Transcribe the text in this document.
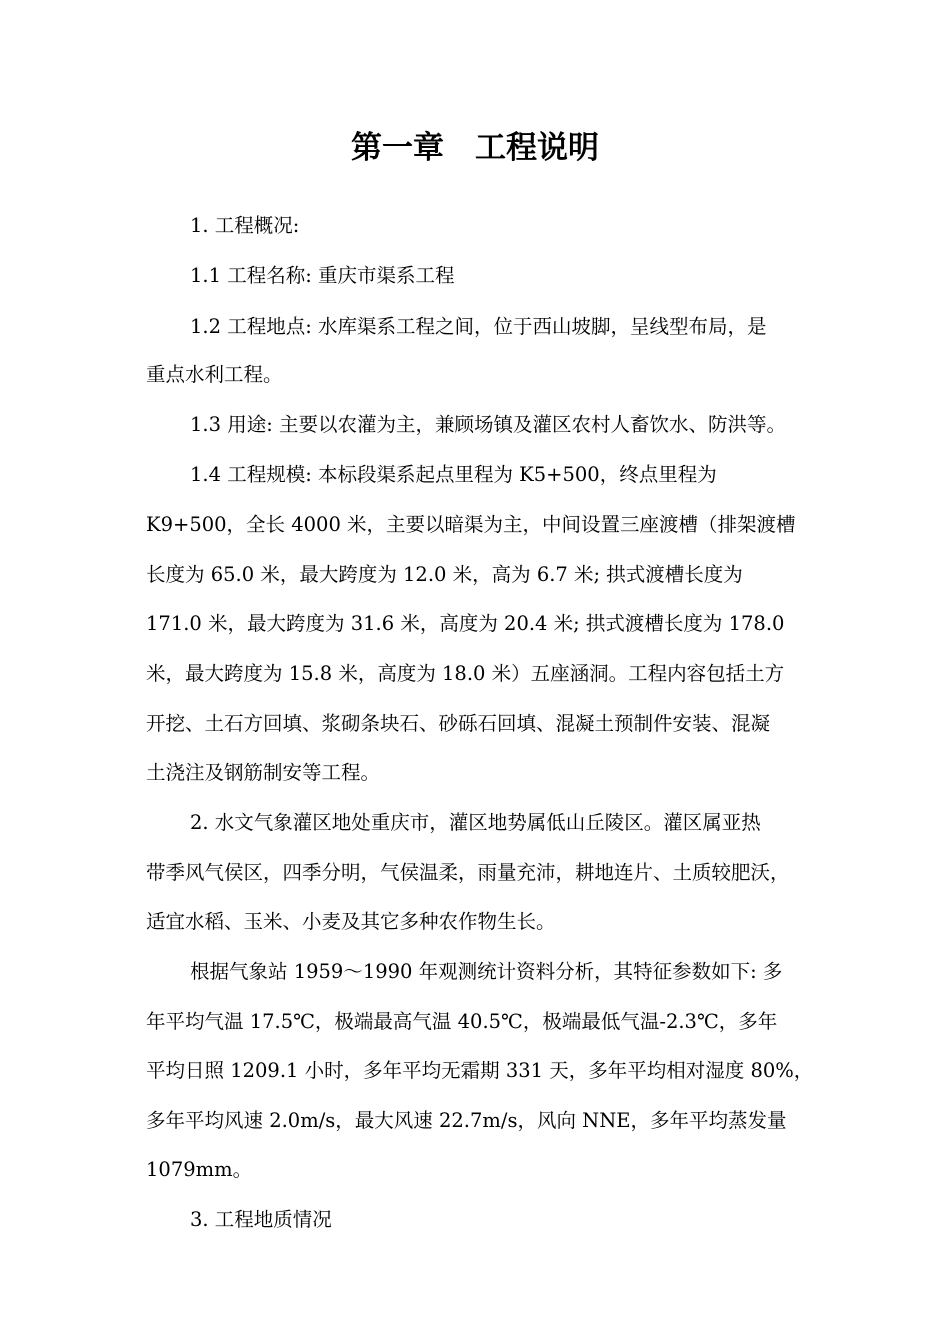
第一章　工程说明
1. 工程概况:
1.1 工程名称: 重庆市渠系工程
1.2 工程地点: 水库渠系工程之间，位于西山坡脚，呈线型布局，是
重点水利工程。
1.3 用途: 主要以农灌为主，兼顾场镇及灌区农村人畜饮水、防洪等。
1.4 工程规模: 本标段渠系起点里程为 K5+500，终点里程为
K9+500，全长 4000 米，主要以暗渠为主，中间设置三座渡槽（排架渡槽
长度为 65.0 米，最大跨度为 12.0 米，高为 6.7 米; 拱式渡槽长度为
171.0 米，最大跨度为 31.6 米，高度为 20.4 米; 拱式渡槽长度为 178.0
米，最大跨度为 15.8 米，高度为 18.0 米）五座涵洞。工程内容包括土方
开挖、土石方回填、浆砌条块石、砂砾石回填、混凝土预制件安装、混凝
土浇注及钢筋制安等工程。
2. 水文气象灌区地处重庆市，灌区地势属低山丘陵区。灌区属亚热
带季风气侯区，四季分明，气侯温柔，雨量充沛，耕地连片、土质较肥沃，
适宜水稻、玉米、小麦及其它多种农作物生长。
根据气象站 1959～1990 年观测统计资料分析，其特征参数如下: 多
年平均气温 17.5℃，极端最高气温 40.5℃，极端最低气温-2.3℃，多年
平均日照 1209.1 小时，多年平均无霜期 331 天，多年平均相对湿度 80%，
多年平均风速 2.0m/s，最大风速 22.7m/s，风向 NNE，多年平均蒸发量
1079mm。
3. 工程地质情况
